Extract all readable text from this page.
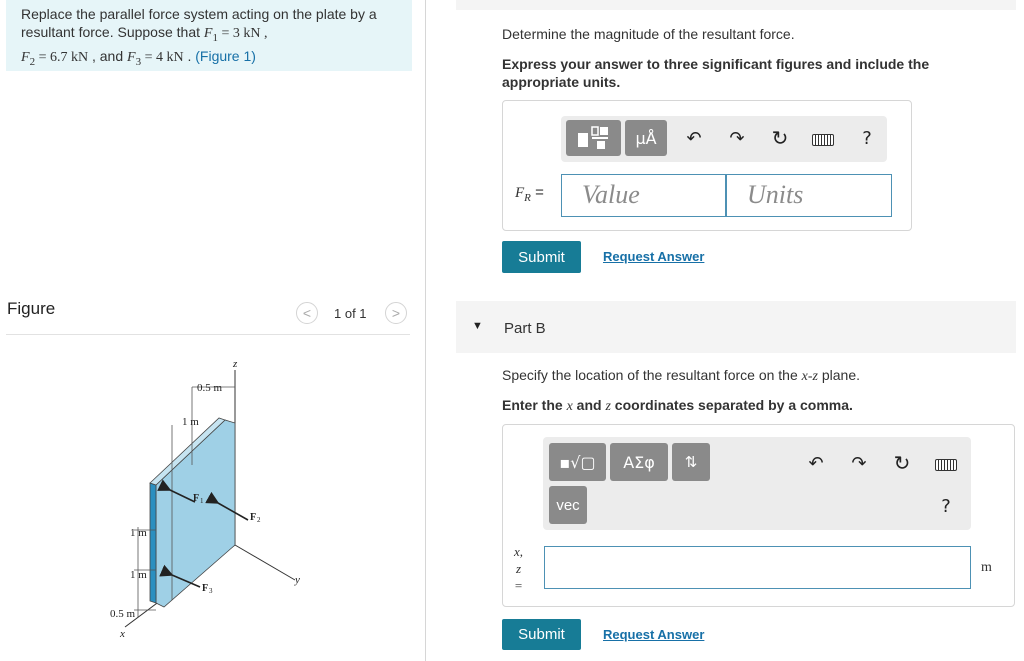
Replace the parallel force system acting on the plate by a
resultant force. Suppose that $F_1 = 3$ kN ,
$F_2 = 6.7$ kN , and $F_3 = 4$ kN . (Figure 1)
Figure	< 1 of 1 >
z
y
x
0.5 m
1 m
1 m
1 m
0.5 m
F 1
F 2
F 3
Determine the magnitude of the resultant force.
Express your answer to three significant figures and include the appropriate units.
μÅ	↶ ↷ ↻	?
$F_R$ = Value	Units
Submit	Request Answer
▼ Part B
Specify the location of the resultant force on the x-z plane.
Enter the x and z coordinates separated by a comma.
▪√▢	ΑΣφ	⇅
vec
↶ ↷ ↻
?
x,
z
=
m
Submit	Request Answer
